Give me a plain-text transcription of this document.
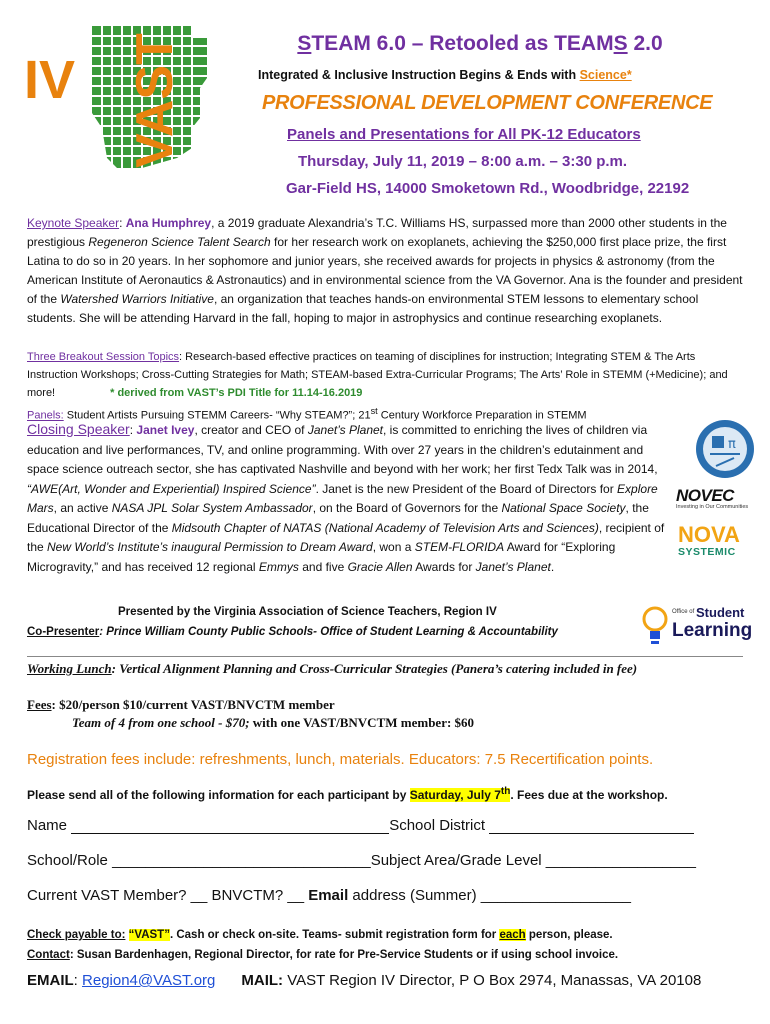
IV VAST	STEAM 6.0 – Retooled as TEAMS 2.0
Integrated & Inclusive Instruction Begins & Ends with Science*
PROFESSIONAL DEVELOPMENT CONFERENCE
Panels and Presentations for All PK-12 Educators
Thursday, July 11, 2019 – 8:00 a.m. – 3:30 p.m.
Gar-Field HS, 14000 Smoketown Rd., Woodbridge, 22192
Keynote Speaker: Ana Humphrey, a 2019 graduate Alexandria’s T.C. Williams HS, surpassed more than 2000 other students in the prestigious Regeneron Science Talent Search for her research work on exoplanets, achieving the $250,000 first place prize, the first Latina to do so in 20 years. In her sophomore and junior years, she received awards for projects in physics & astronomy (from the American Institute of Aeronautics & Astronautics) and in environmental science from the VA Governor. Ana is the founder and president of the Watershed Warriors Initiative, an organization that teaches hands-on environmental STEM lessons to elementary school students. She will be attending Harvard in the fall, hoping to major in astrophysics and continue researching exoplanets.
Three Breakout Session Topics: Research-based effective practices on teaming of disciplines for instruction; Integrating STEM & The Arts Instruction Workshops; Cross-Cutting Strategies for Math; STEAM-based Extra-Curricular Programs; The Arts’ Role in STEMM (+Medicine); and more!	* derived from VAST’s PDI Title for 11.14-16.2019
Panels: Student Artists Pursuing STEMM Careers- “Why STEAM?”; 21st Century Workforce Preparation in STEMM
Closing Speaker: Janet Ivey, creator and CEO of Janet’s Planet, is committed to enriching the lives of children via education and live performances, TV, and online programming. With over 27 years in the children’s edutainment and space science outreach sector, she has captivated Nashville and beyond with her work; her first Tedx Talk was in 2014, “AWE(Art, Wonder and Experiential) Inspired Science”. Janet is the new President of the Board of Directors for Explore Mars, an active NASA JPL Solar System Ambassador, on the Board of Governors for the National Space Society, the Educational Director of the Midsouth Chapter of NATAS (National Academy of Television Arts and Sciences), recipient of the New World’s Institute’s inaugural Permission to Dream Award, won a STEM-FLORIDA Award for “Exploring Microgravity,” and has received 12 regional Emmys and five Gracie Allen Awards for Janet’s Planet.
π
NOVEC
Investing in Our Communities
NOVA
SYSTEMIC
Presented by the Virginia Association of Science Teachers, Region IV
Co-Presenter: Prince William County Public Schools- Office of Student Learning & Accountability
Office of Student
Learning
Working Lunch: Vertical Alignment Planning and Cross-Curricular Strategies (Panera’s catering included in fee)
Fees: $20/person $10/current VAST/BNVCTM member
Team of 4 from one school - $70; with one VAST/BNVCTM member: $60
Registration fees include: refreshments, lunch, materials. Educators: 7.5 Recertification points.
Please send all of the following information for each participant by Saturday, July 7th. Fees due at the workshop.
Name	School District
School/Role _______________________________Subject Area/Grade Level __________________
Current VAST Member? __ BNVCTM? __ Email address (Summer) __________________
Check payable to: “VAST”. Cash or check on-site. Teams- submit registration form for each person, please.
Contact: Susan Bardenhagen, Regional Director, for rate for Pre-Service Students or if using school invoice.
EMAIL: Region4@VAST.org MAIL: VAST Region IV Director, P O Box 2974, Manassas, VA 20108
